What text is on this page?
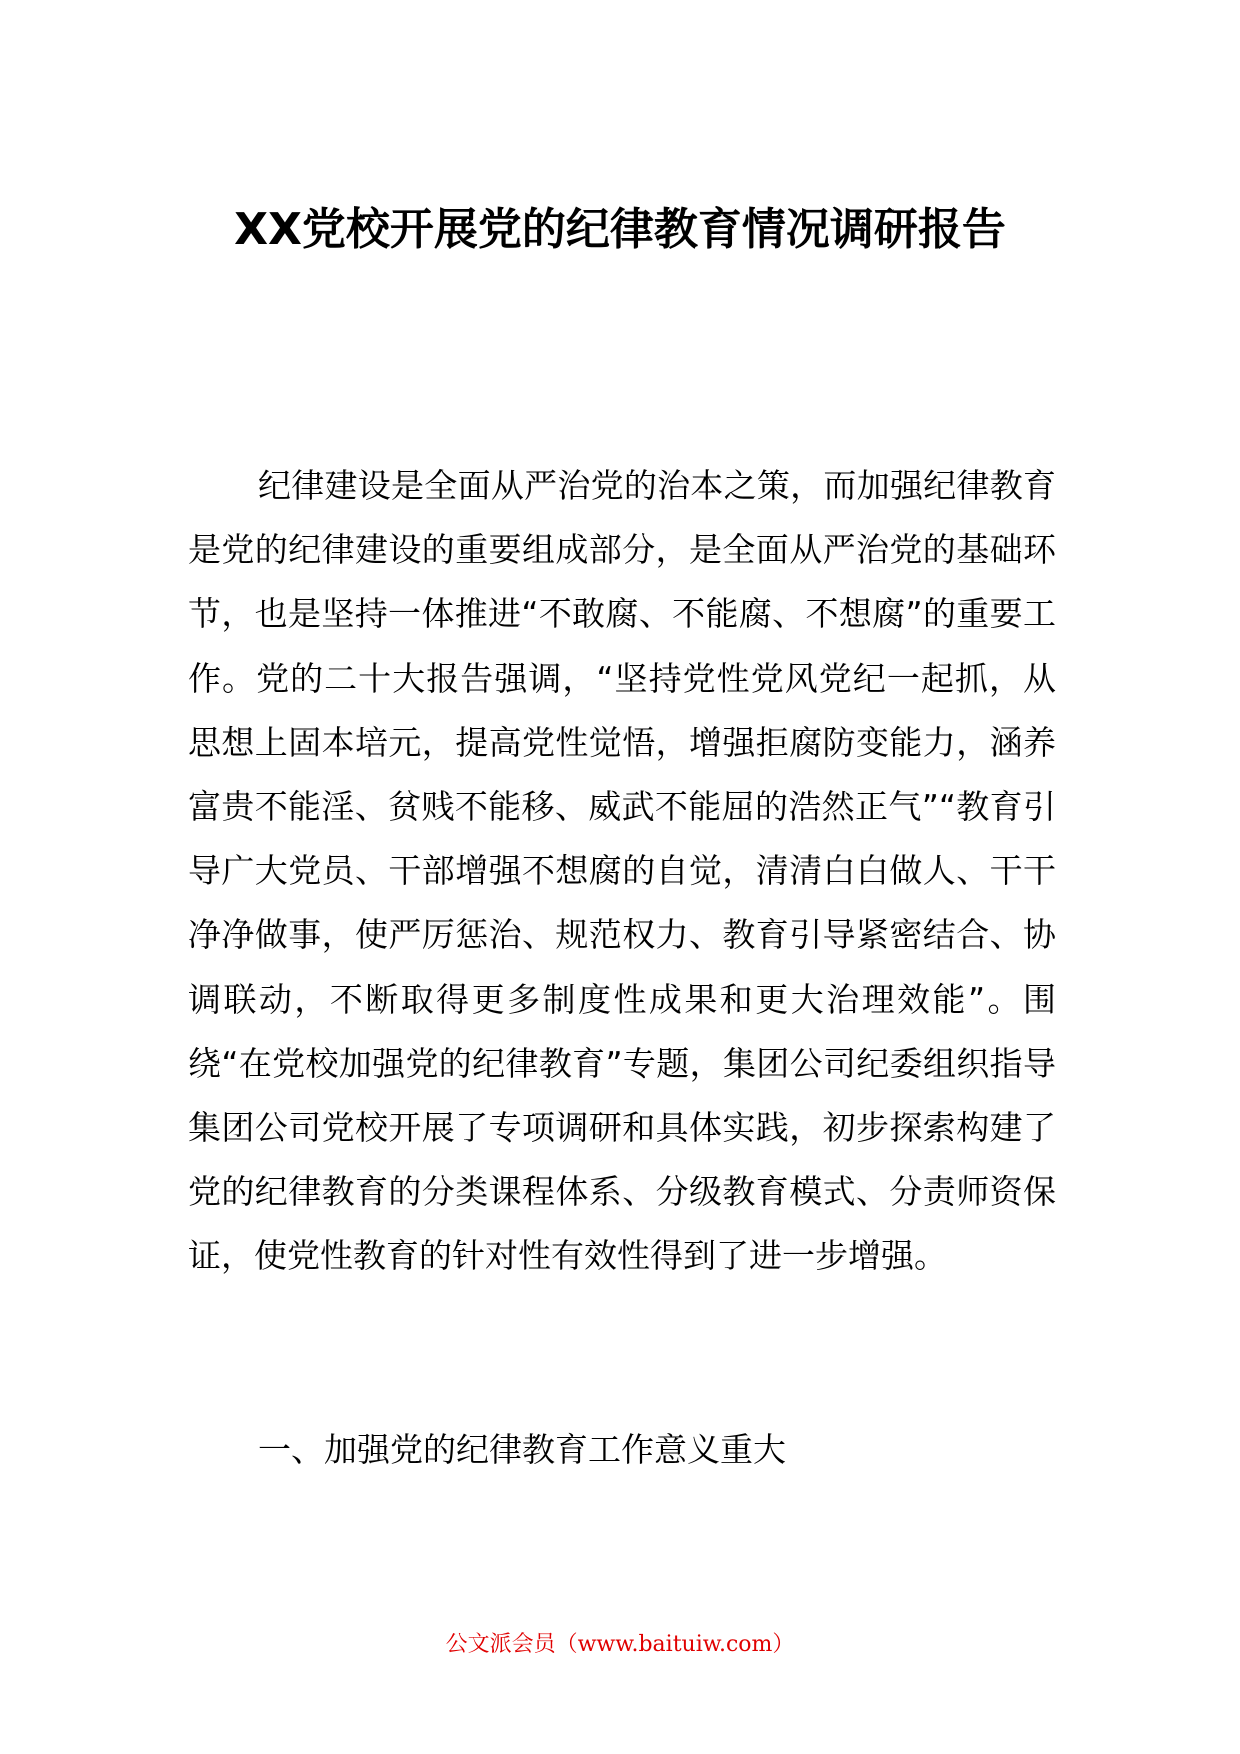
XX党校开展党的纪律教育情况调研报告

纪律建设是全面从严治党的治本之策，而加强纪律教育是党的纪律建设的重要组成部分，是全面从严治党的基础环节，也是坚持一体推进“不敢腐、不能腐、不想腐”的重要工作。党的二十大报告强调，“坚持党性党风党纪一起抓，从思想上固本培元，提高党性觉悟，增强拒腐防变能力，涵养富贵不能淫、贫贱不能移、威武不能屈的浩然正气”“教育引导广大党员、干部增强不想腐的自觉，清清白白做人、干干净净做事，使严厉惩治、规范权力、教育引导紧密结合、协调联动，不断取得更多制度性成果和更大治理效能”。围绕“在党校加强党的纪律教育”专题，集团公司纪委组织指导集团公司党校开展了专项调研和具体实践，初步探索构建了党的纪律教育的分类课程体系、分级教育模式、分责师资保证，使党性教育的针对性有效性得到了进一步增强。

一、加强党的纪律教育工作意义重大
公文派会员（www.baituiw.com）
